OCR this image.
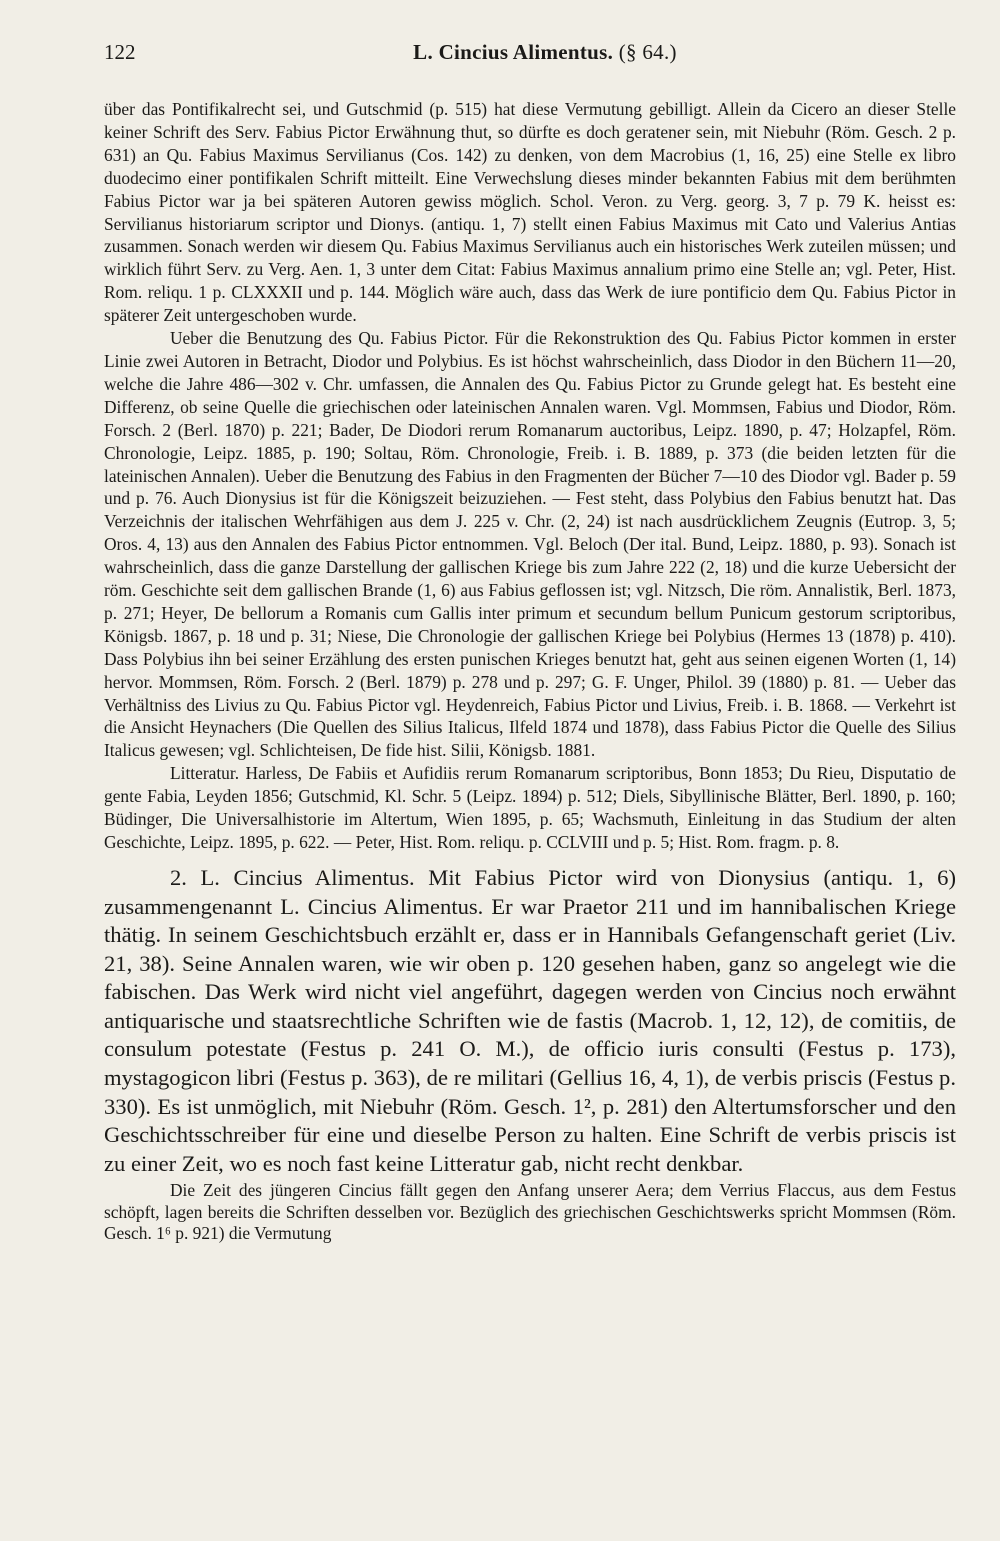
122	L. Cincius Alimentus. (§ 64.)

über das Pontifikalrecht sei, und Gutschmid (p. 515) hat diese Vermutung gebilligt. Allein da Cicero an dieser Stelle keiner Schrift des Serv. Fabius Pictor Erwähnung thut, so dürfte es doch geratener sein, mit Niebuhr (Röm. Gesch. 2 p. 631) an Qu. Fabius Maximus Servilianus (Cos. 142) zu denken, von dem Macrobius (1, 16, 25) eine Stelle ex libro duodecimo einer pontifikalen Schrift mitteilt. Eine Verwechslung dieses minder bekannten Fabius mit dem berühmten Fabius Pictor war ja bei späteren Autoren gewiss möglich. Schol. Veron. zu Verg. georg. 3, 7 p. 79 K. heisst es: Servilianus historiarum scriptor und Dionys. (antiqu. 1, 7) stellt einen Fabius Maximus mit Cato und Valerius Antias zusammen. Sonach werden wir diesem Qu. Fabius Maximus Servilianus auch ein historisches Werk zuteilen müssen; und wirklich führt Serv. zu Verg. Aen. 1, 3 unter dem Citat: Fabius Maximus annalium primo eine Stelle an; vgl. Peter, Hist. Rom. reliqu. 1 p. CLXXXII und p. 144. Möglich wäre auch, dass das Werk de iure pontificio dem Qu. Fabius Pictor in späterer Zeit untergeschoben wurde.

Ueber die Benutzung des Qu. Fabius Pictor. Für die Rekonstruktion des Qu. Fabius Pictor kommen in erster Linie zwei Autoren in Betracht, Diodor und Polybius. Es ist höchst wahrscheinlich, dass Diodor in den Büchern 11—20, welche die Jahre 486—302 v. Chr. umfassen, die Annalen des Qu. Fabius Pictor zu Grunde gelegt hat. Es besteht eine Differenz, ob seine Quelle die griechischen oder lateinischen Annalen waren. Vgl. Mommsen, Fabius und Diodor, Röm. Forsch. 2 (Berl. 1870) p. 221; Bader, De Diodori rerum Romanarum auctoribus, Leipz. 1890, p. 47; Holzapfel, Röm. Chronologie, Leipz. 1885, p. 190; Soltau, Röm. Chronologie, Freib. i. B. 1889, p. 373 (die beiden letzten für die lateinischen Annalen). Ueber die Benutzung des Fabius in den Fragmenten der Bücher 7—10 des Diodor vgl. Bader p. 59 und p. 76. Auch Dionysius ist für die Königszeit beizuziehen. — Fest steht, dass Polybius den Fabius benutzt hat. Das Verzeichnis der italischen Wehrfähigen aus dem J. 225 v. Chr. (2, 24) ist nach ausdrücklichem Zeugnis (Eutrop. 3, 5; Oros. 4, 13) aus den Annalen des Fabius Pictor entnommen. Vgl. Beloch (Der ital. Bund, Leipz. 1880, p. 93). Sonach ist wahrscheinlich, dass die ganze Darstellung der gallischen Kriege bis zum Jahre 222 (2, 18) und die kurze Uebersicht der röm. Geschichte seit dem gallischen Brande (1, 6) aus Fabius geflossen ist; vgl. Nitzsch, Die röm. Annalistik, Berl. 1873, p. 271; Heyer, De bellorum a Romanis cum Gallis inter primum et secundum bellum Punicum gestorum scriptoribus, Königsb. 1867, p. 18 und p. 31; Niese, Die Chronologie der gallischen Kriege bei Polybius (Hermes 13 (1878) p. 410). Dass Polybius ihn bei seiner Erzählung des ersten punischen Krieges benutzt hat, geht aus seinen eigenen Worten (1, 14) hervor. Mommsen, Röm. Forsch. 2 (Berl. 1879) p. 278 und p. 297; G. F. Unger, Philol. 39 (1880) p. 81. — Ueber das Verhältniss des Livius zu Qu. Fabius Pictor vgl. Heydenreich, Fabius Pictor und Livius, Freib. i. B. 1868. — Verkehrt ist die Ansicht Heynachers (Die Quellen des Silius Italicus, Ilfeld 1874 und 1878), dass Fabius Pictor die Quelle des Silius Italicus gewesen; vgl. Schlichteisen, De fide hist. Silii, Königsb. 1881.

Litteratur. Harless, De Fabiis et Aufidiis rerum Romanarum scriptoribus, Bonn 1853; Du Rieu, Disputatio de gente Fabia, Leyden 1856; Gutschmid, Kl. Schr. 5 (Leipz. 1894) p. 512; Diels, Sibyllinische Blätter, Berl. 1890, p. 160; Büdinger, Die Universalhistorie im Altertum, Wien 1895, p. 65; Wachsmuth, Einleitung in das Studium der alten Geschichte, Leipz. 1895, p. 622. — Peter, Hist. Rom. reliqu. p. CCLVIII und p. 5; Hist. Rom. fragm. p. 8.

2. L. Cincius Alimentus. Mit Fabius Pictor wird von Dionysius (antiqu. 1, 6) zusammengenannt L. Cincius Alimentus. Er war Praetor 211 und im hannibalischen Kriege thätig. In seinem Geschichtsbuch erzählt er, dass er in Hannibals Gefangenschaft geriet (Liv. 21, 38). Seine Annalen waren, wie wir oben p. 120 gesehen haben, ganz so angelegt wie die fabischen. Das Werk wird nicht viel angeführt, dagegen werden von Cincius noch erwähnt antiquarische und staatsrechtliche Schriften wie de fastis (Macrob. 1, 12, 12), de comitiis, de consulum potestate (Festus p. 241 O. M.), de officio iuris consulti (Festus p. 173), mystagogicon libri (Festus p. 363), de re militari (Gellius 16, 4, 1), de verbis priscis (Festus p. 330). Es ist unmöglich, mit Niebuhr (Röm. Gesch. 1², p. 281) den Altertumsforscher und den Geschichtsschreiber für eine und dieselbe Person zu halten. Eine Schrift de verbis priscis ist zu einer Zeit, wo es noch fast keine Litteratur gab, nicht recht denkbar.

Die Zeit des jüngeren Cincius fällt gegen den Anfang unserer Aera; dem Verrius Flaccus, aus dem Festus schöpft, lagen bereits die Schriften desselben vor. Bezüglich des griechischen Geschichtswerks spricht Mommsen (Röm. Gesch. 1⁶ p. 921) die Vermutung
